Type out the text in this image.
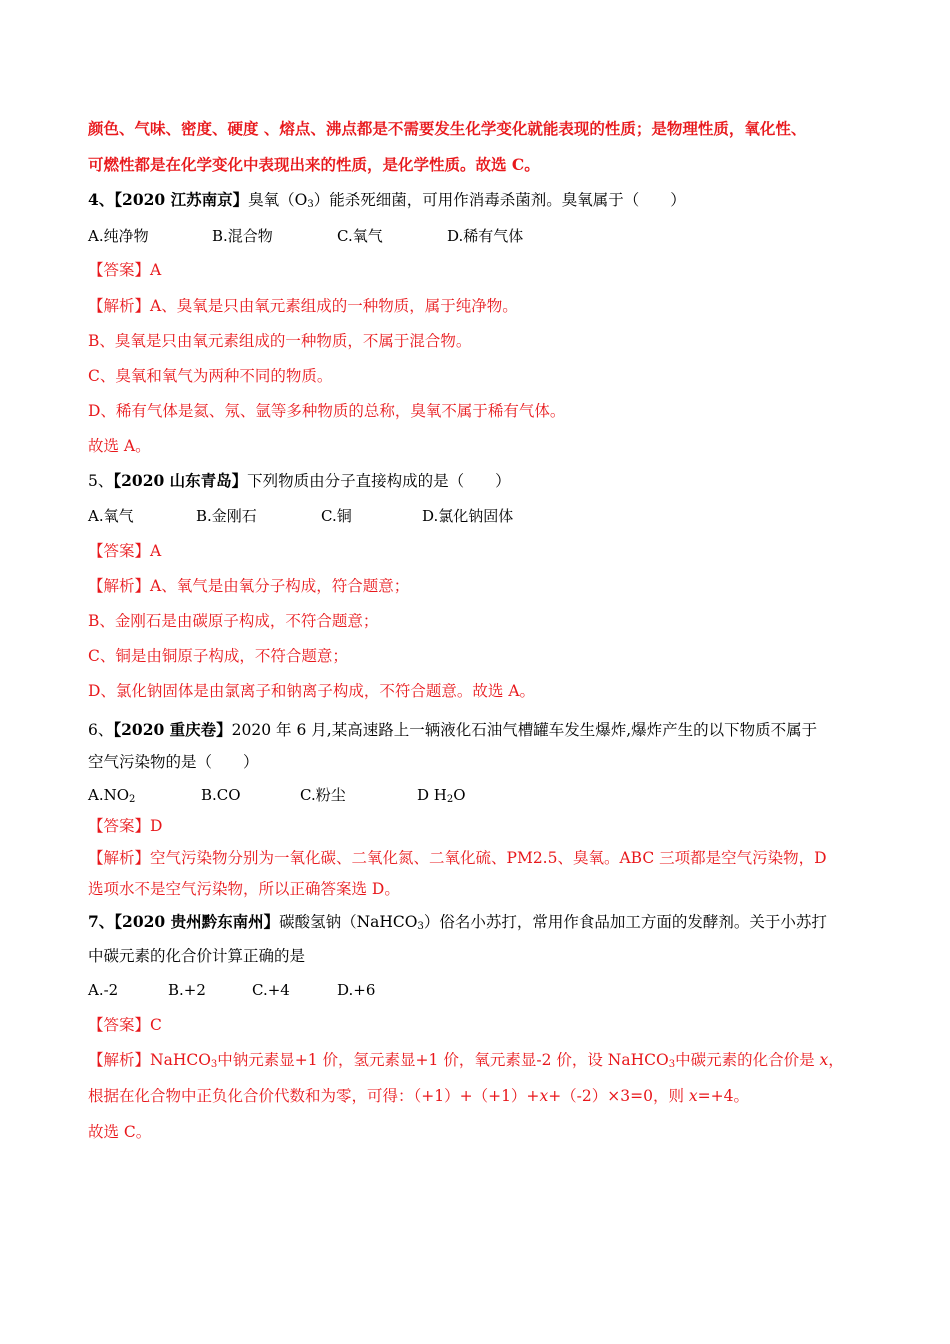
颜色、气味、密度、硬度 、熔点、沸点都是不需要发生化学变化就能表现的性质；是物理性质，氧化性、
可燃性都是在化学变化中表现出来的性质，是化学性质。故选 C。
4、【2020 江苏南京】臭氧$(O_3)$能杀死细菌，可用作消毒杀菌剂。臭氧属于（　　）
A.纯净物	B.混合物	C.氧气	D.稀有气体
【答案】A
【解析】A、臭氧是只由氧元素组成的一种物质，属于纯净物。
B、臭氧是只由氧元素组成的一种物质，不属于混合物。
C、臭氧和氧气为两种不同的物质。
D、稀有气体是氦、氖、氩等多种物质的总称，臭氧不属于稀有气体。
故选 A。
5、【2020 山东青岛】下列物质由分子直接构成的是（　　）
A.氧气	B.金刚石	C.铜	D.氯化钠固体
【答案】A
【解析】A、氧气是由氧分子构成，符合题意；
B、金刚石是由碳原子构成，不符合题意；
C、铜是由铜原子构成，不符合题意；
D、氯化钠固体是由氯离子和钠离子构成，不符合题意。故选 A。
6、【2020 重庆卷】2020 年 6 月,某高速路上一辆液化石油气槽罐车发生爆炸,爆炸产生的以下物质不属于
空气污染物的是（　　）
$A.NO_2$	B.CO	C.粉尘	D $H_2O$
【答案】D
【解析】空气污染物分别为一氧化碳、二氧化氮、二氧化硫、PM2.5、臭氧。ABC 三项都是空气污染物，D
选项水不是空气污染物，所以正确答案选 D。
7、【2020 贵州黔东南州】碳酸氢钠（NaHCO$_3$）俗名小苏打，常用作食品加工方面的发酵剂。关于小苏打
中碳元素的化合价计算正确的是
A.-2	B.+2	C.+4	D.+6
【答案】C
【解析】NaHCO$_3$中钠元素显+1 价，氢元素显+1 价，氧元素显-2 价，设 NaHCO$_3$中碳元素的化合价是 x，
根据在化合物中正负化合价代数和为零，可得：（+1）+（+1）+x+（-2）×3=0，则 x=+4。
故选 C。
